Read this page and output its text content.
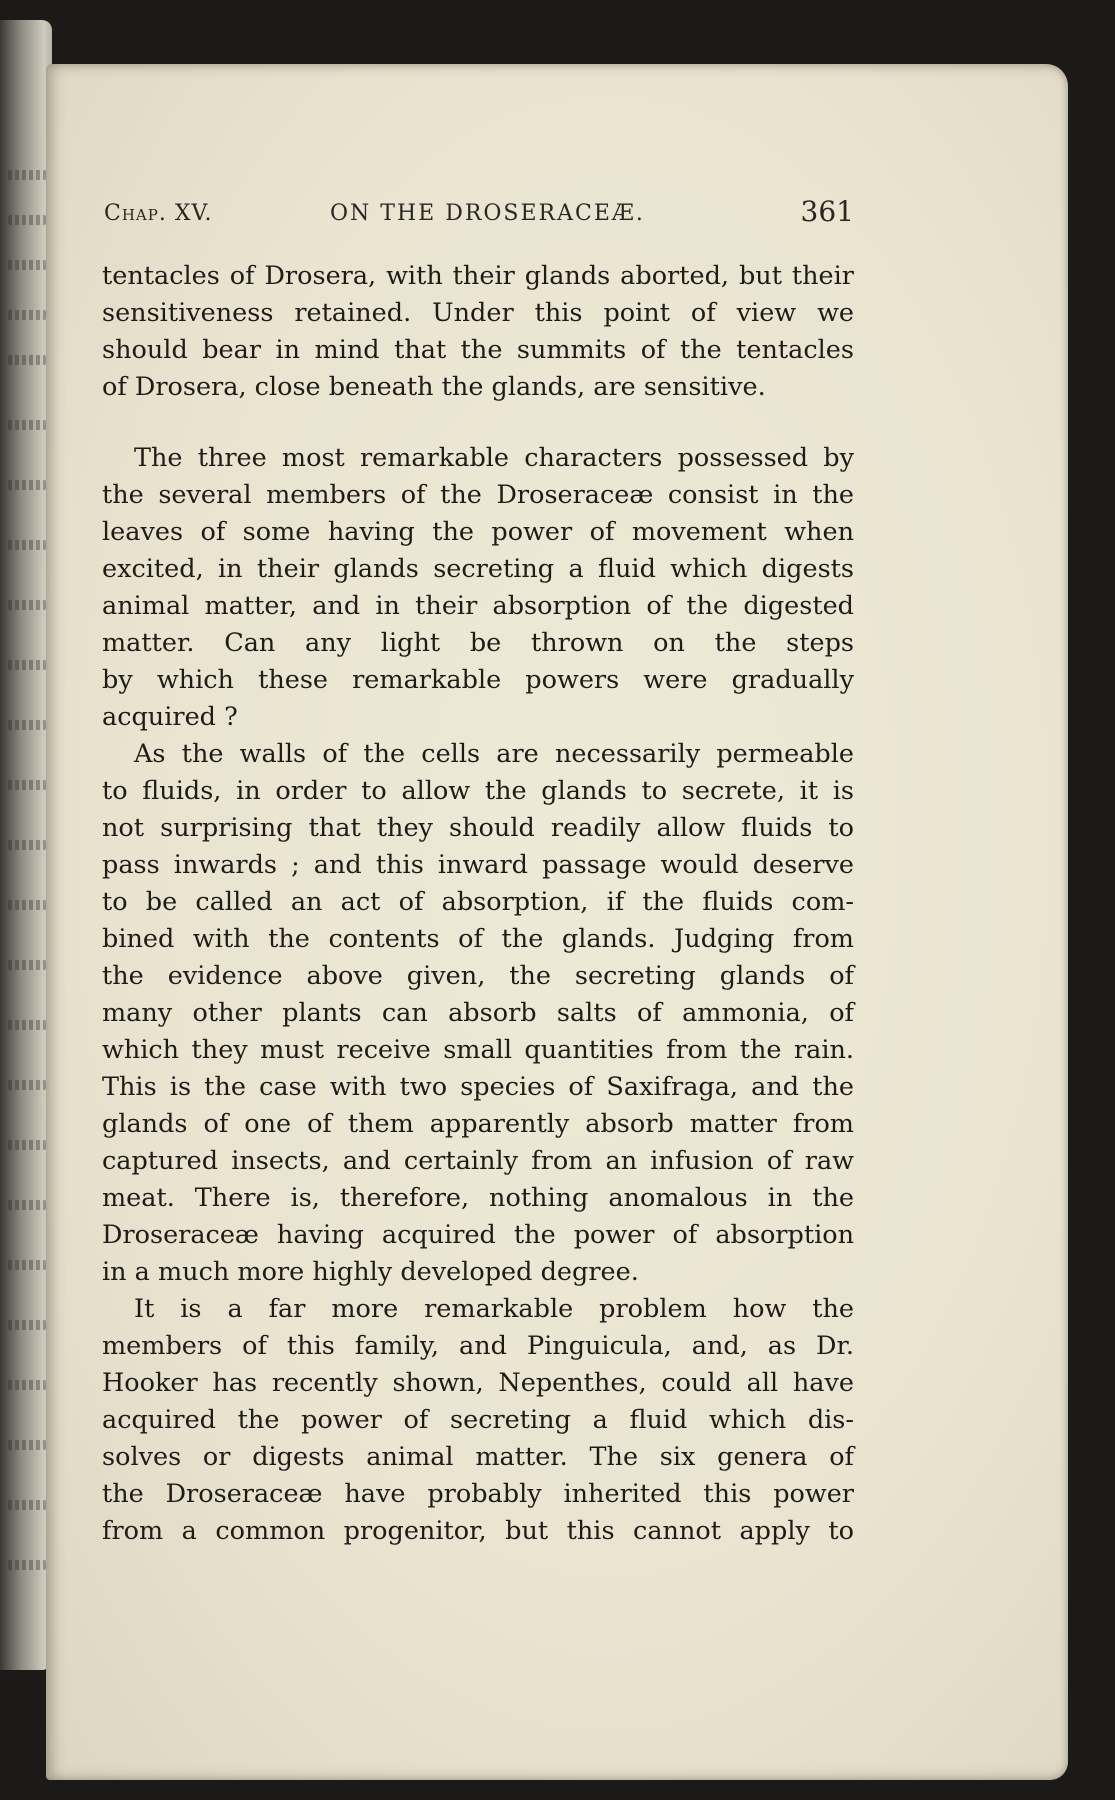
Chap. XV.	ON THE DROSERACEÆ.	361
tentacles of Drosera, with their glands aborted, but their
sensitiveness retained. Under this point of view we
should bear in mind that the summits of the tentacles
of Drosera, close beneath the glands, are sensitive.
The three most remarkable characters possessed by
the several members of the Droseraceæ consist in the
leaves of some having the power of movement when
excited, in their glands secreting a fluid which digests
animal matter, and in their absorption of the digested
matter. Can any light be thrown on the steps
by which these remarkable powers were gradually
acquired ?
As the walls of the cells are necessarily permeable
to fluids, in order to allow the glands to secrete, it is
not surprising that they should readily allow fluids to
pass inwards ; and this inward passage would deserve
to be called an act of absorption, if the fluids com-
bined with the contents of the glands. Judging from
the evidence above given, the secreting glands of
many other plants can absorb salts of ammonia, of
which they must receive small quantities from the rain.
This is the case with two species of Saxifraga, and the
glands of one of them apparently absorb matter from
captured insects, and certainly from an infusion of raw
meat. There is, therefore, nothing anomalous in the
Droseraceæ having acquired the power of absorption
in a much more highly developed degree.
It is a far more remarkable problem how the
members of this family, and Pinguicula, and, as Dr.
Hooker has recently shown, Nepenthes, could all have
acquired the power of secreting a fluid which dis-
solves or digests animal matter. The six genera of
the Droseraceæ have probably inherited this power
from a common progenitor, but this cannot apply to
